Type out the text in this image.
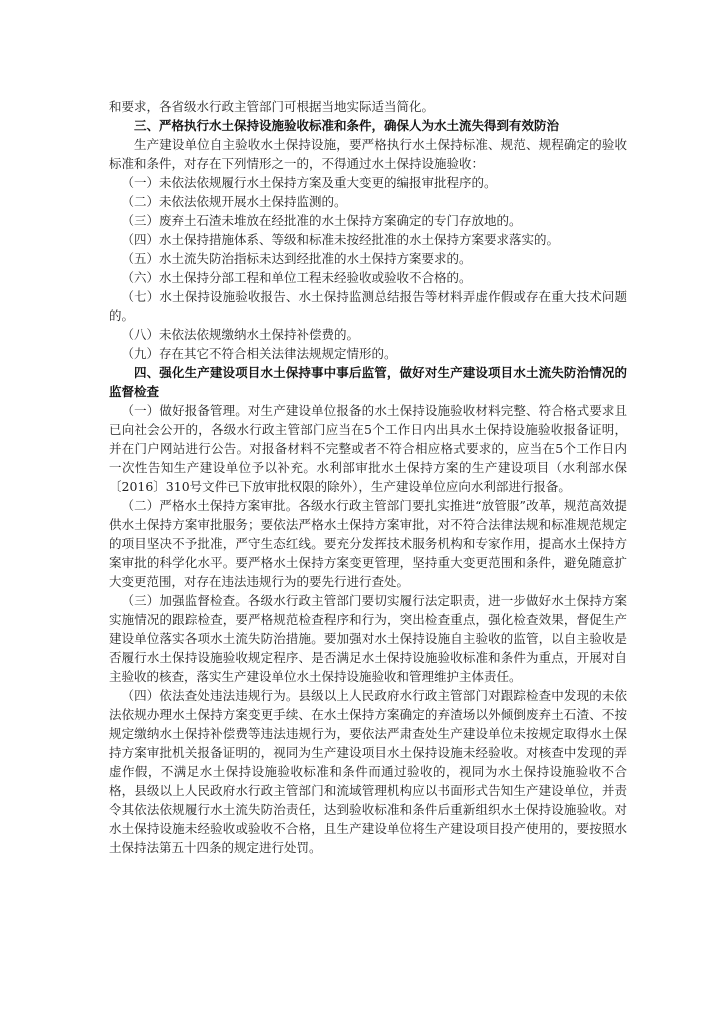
和要求，各省级水行政主管部门可根据当地实际适当简化。

三、严格执行水土保持设施验收标准和条件，确保人为水土流失得到有效防治

生产建设单位自主验收水土保持设施，要严格执行水土保持标准、规范、规程确定的验收标准和条件，对存在下列情形之一的，不得通过水土保持设施验收：

（一）未依法依规履行水土保持方案及重大变更的编报审批程序的。

（二）未依法依规开展水土保持监测的。

（三）废弃土石渣未堆放在经批准的水土保持方案确定的专门存放地的。

（四）水土保持措施体系、等级和标准未按经批准的水土保持方案要求落实的。

（五）水土流失防治指标未达到经批准的水土保持方案要求的。

（六）水土保持分部工程和单位工程未经验收或验收不合格的。

（七）水土保持设施验收报告、水土保持监测总结报告等材料弄虚作假或存在重大技术问题的。

（八）未依法依规缴纳水土保持补偿费的。

（九）存在其它不符合相关法律法规规定情形的。

四、强化生产建设项目水土保持事中事后监管，做好对生产建设项目水土流失防治情况的监督检查

（一）做好报备管理。对生产建设单位报备的水土保持设施验收材料完整、符合格式要求且已向社会公开的，各级水行政主管部门应当在5个工作日内出具水土保持设施验收报备证明，并在门户网站进行公告。对报备材料不完整或者不符合相应格式要求的，应当在5个工作日内一次性告知生产建设单位予以补充。水利部审批水土保持方案的生产建设项目（水利部水保〔2016〕310号文件已下放审批权限的除外），生产建设单位应向水利部进行报备。

（二）严格水土保持方案审批。各级水行政主管部门要扎实推进“放管服”改革，规范高效提供水土保持方案审批服务；要依法严格水土保持方案审批，对不符合法律法规和标准规范规定的项目坚决不予批准，严守生态红线。要充分发挥技术服务机构和专家作用，提高水土保持方案审批的科学化水平。要严格水土保持方案变更管理，坚持重大变更范围和条件，避免随意扩大变更范围，对存在违法违规行为的要先行进行查处。

（三）加强监督检查。各级水行政主管部门要切实履行法定职责，进一步做好水土保持方案实施情况的跟踪检查，要严格规范检查程序和行为，突出检查重点，强化检查效果，督促生产建设单位落实各项水土流失防治措施。要加强对水土保持设施自主验收的监管，以自主验收是否履行水土保持设施验收规定程序、是否满足水土保持设施验收标准和条件为重点，开展对自主验收的核查，落实生产建设单位水土保持设施验收和管理维护主体责任。

（四）依法查处违法违规行为。县级以上人民政府水行政主管部门对跟踪检查中发现的未依法依规办理水土保持方案变更手续、在水土保持方案确定的弃渣场以外倾倒废弃土石渣、不按规定缴纳水土保持补偿费等违法违规行为，要依法严肃查处生产建设单位未按规定取得水土保持方案审批机关报备证明的，视同为生产建设项目水土保持设施未经验收。对核查中发现的弄虚作假，不满足水土保持设施验收标准和条件而通过验收的，视同为水土保持设施验收不合格，县级以上人民政府水行政主管部门和流域管理机构应以书面形式告知生产建设单位，并责令其依法依规履行水土流失防治责任，达到验收标准和条件后重新组织水土保持设施验收。对水土保持设施未经验收或验收不合格，且生产建设单位将生产建设项目投产使用的，要按照水土保持法第五十四条的规定进行处罚。
